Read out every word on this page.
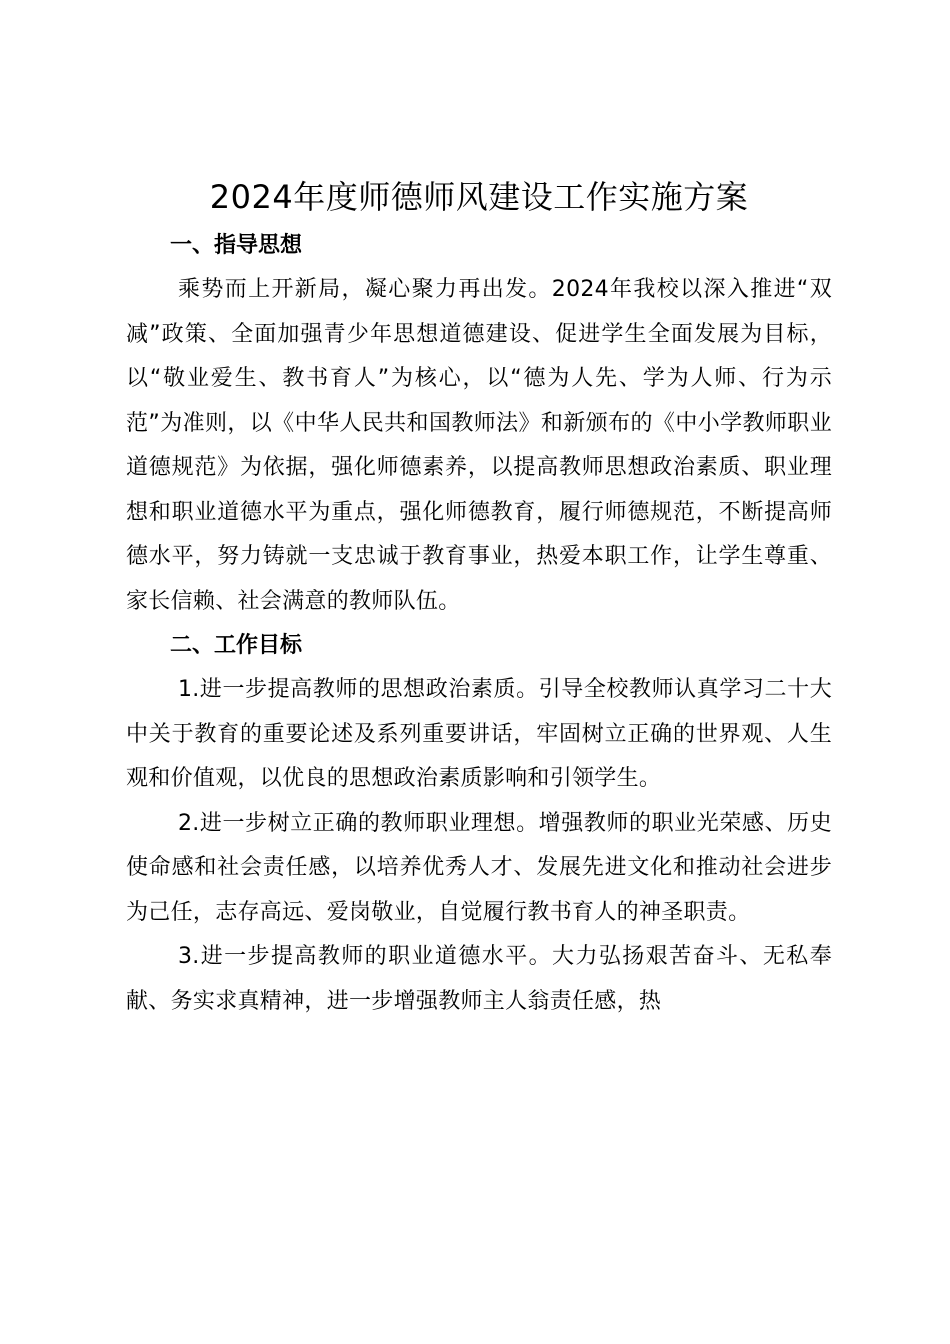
2024年度师德师风建设工作实施方案

一、指导思想

乘势而上开新局，凝心聚力再出发。2024年我校以深入推进“双减”政策、全面加强青少年思想道德建设、促进学生全面发展为目标，以“敬业爱生、教书育人”为核心，以“德为人先、学为人师、行为示范”为准则，以《中华人民共和国教师法》和新颁布的《中小学教师职业道德规范》为依据，强化师德素养，以提高教师思想政治素质、职业理想和职业道德水平为重点，强化师德教育，履行师德规范，不断提高师德水平，努力铸就一支忠诚于教育事业，热爱本职工作，让学生尊重、家长信赖、社会满意的教师队伍。

二、工作目标

1.进一步提高教师的思想政治素质。引导全校教师认真学习二十大中关于教育的重要论述及系列重要讲话，牢固树立正确的世界观、人生观和价值观，以优良的思想政治素质影响和引领学生。

2.进一步树立正确的教师职业理想。增强教师的职业光荣感、历史使命感和社会责任感，以培养优秀人才、发展先进文化和推动社会进步为己任，志存高远、爱岗敬业，自觉履行教书育人的神圣职责。

3.进一步提高教师的职业道德水平。大力弘扬艰苦奋斗、无私奉献、务实求真精神，进一步增强教师主人翁责任感，热
